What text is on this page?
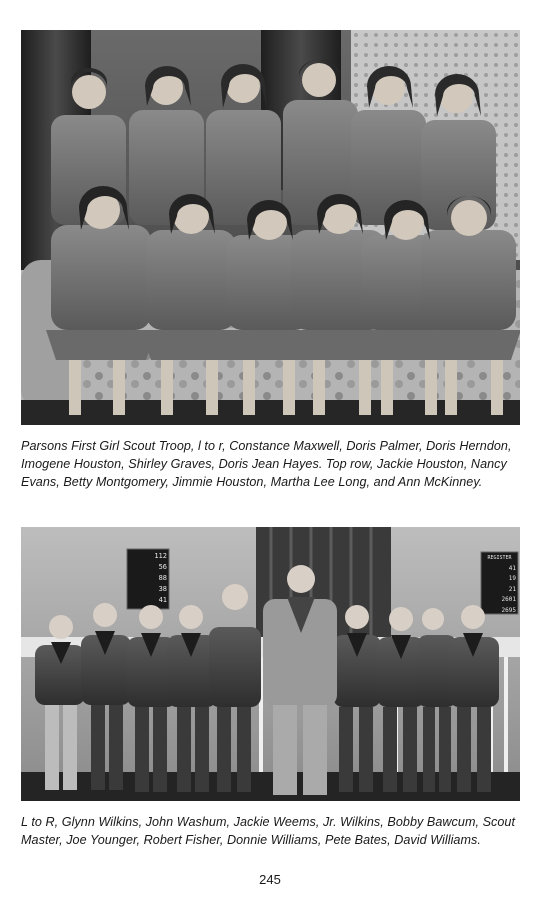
Parsons First Girl Scout Troop, l to r, Constance Maxwell, Doris Palmer, Doris Herndon, Imogene Houston, Shirley Graves, Doris Jean Hayes. Top row, Jackie Houston, Nancy Evans, Betty Montgomery, Jimmie Houston, Martha Lee Long, and Ann McKinney.

112
56
88
38
41
REGISTER
41
19
21
2601
2695

L to R, Glynn Wilkins, John Washum, Jackie Weems, Jr. Wilkins, Bobby Bawcum, Scout Master, Joe Younger, Robert Fisher, Donnie Williams, Pete Bates, David Williams.

245
